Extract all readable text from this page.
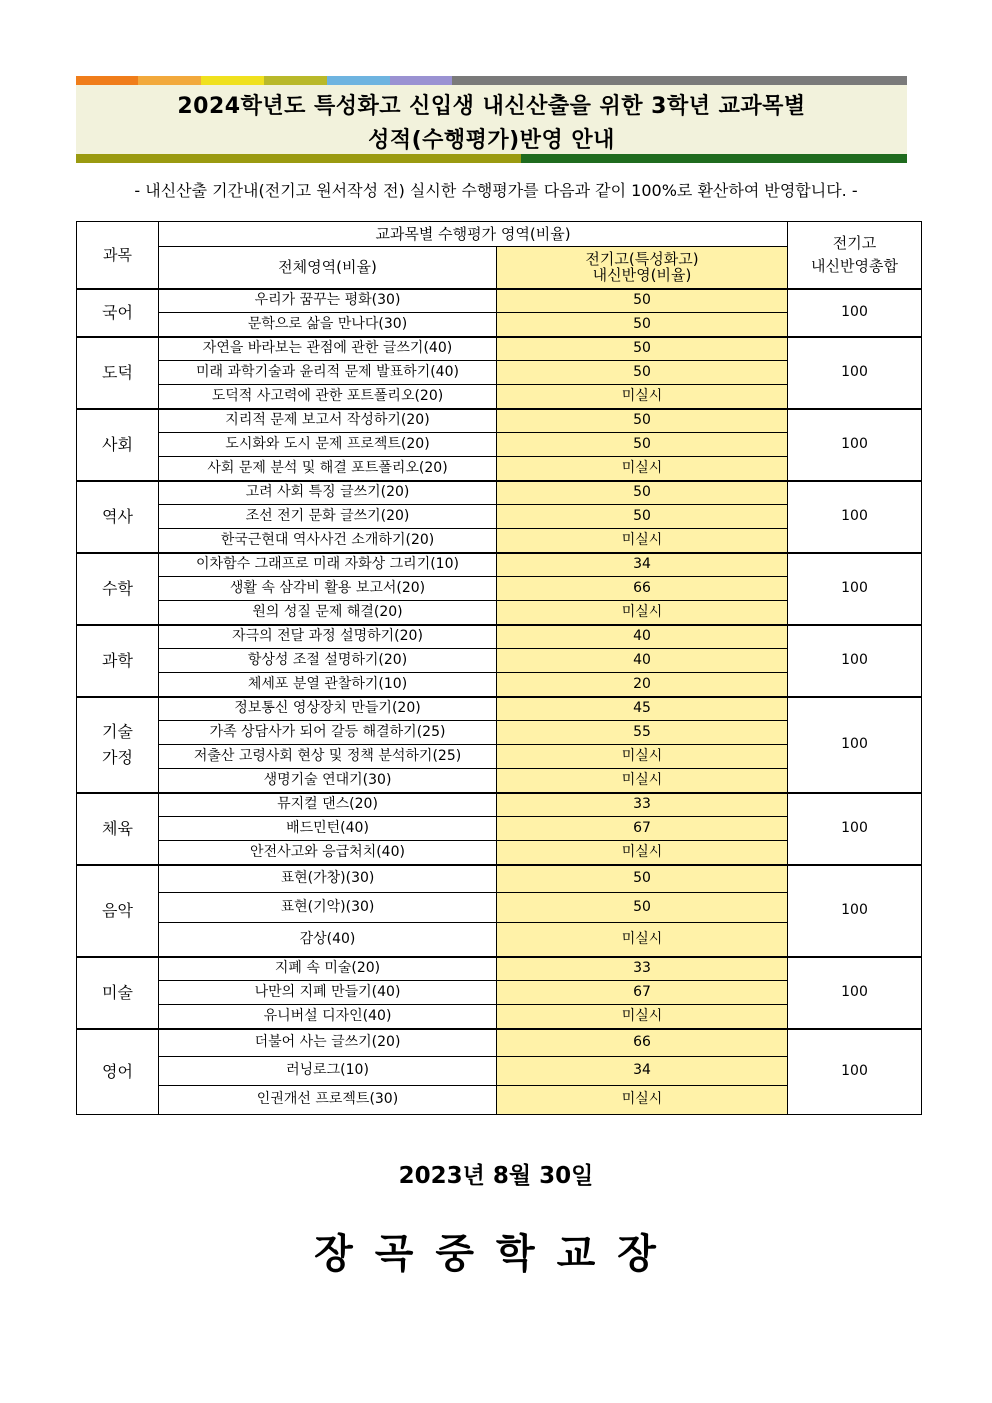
2024학년도 특성화고 신입생 내신산출을 위한 3학년 교과목별
성적(수행평가)반영 안내
- 내신산출 기간내(전기고 원서작성 전) 실시한 수행평가를 다음과 같이 100%로 환산하여 반영합니다. -
과목	교과목별 수행평가 영역(비율)		전기고
내신반영총합

	전체영역(비율)	전기고(특성화고)
내신반영(비율)	

국어	우리가 꿈꾸는 평화(30)	50	100
	문학으로 삶을 만나다(30)	50	

도덕	자연을 바라보는 관점에 관한 글쓰기(40)	50	100
	미래 과학기술과 윤리적 문제 발표하기(40)	50	
	도덕적 사고력에 관한 포트폴리오(20)	미실시	

사회	지리적 문제 보고서 작성하기(20)	50	100
	도시화와 도시 문제 프로젝트(20)	50	
	사회 문제 분석 및 해결 포트폴리오(20)	미실시	

역사	고려 사회 특징 글쓰기(20)	50	100
	조선 전기 문화 글쓰기(20)	50	
	한국근현대 역사사건 소개하기(20)	미실시	

수학	이차함수 그래프로 미래 자화상 그리기(10)	34	100
	생활 속 삼각비 활용 보고서(20)	66	
	원의 성질 문제 해결(20)	미실시	

과학	자극의 전달 과정 설명하기(20)	40	100
	항상성 조절 설명하기(20)	40	
	체세포 분열 관찰하기(10)	20	

기술
가정	정보통신 영상장치 만들기(20)	45	100
	가족 상담사가 되어 갈등 해결하기(25)	55	
	저출산 고령사회 현상 및 정책 분석하기(25)	미실시	
	생명기술 연대기(30)	미실시	

체육	뮤지컬 댄스(20)	33	100
	배드민턴(40)	67	
	안전사고와 응급처치(40)	미실시	

음악	표현(가창)(30)	50	100
	표현(기악)(30)	50	
	감상(40)	미실시	

미술	지폐 속 미술(20)	33	100
	나만의 지폐 만들기(40)	67	
	유니버설 디자인(40)	미실시	

영어	더불어 사는 글쓰기(20)	66	100
	러닝로그(10)	34	
	인권개선 프로젝트(30)	미실시	
2023년 8월 30일
장곡중학교장
